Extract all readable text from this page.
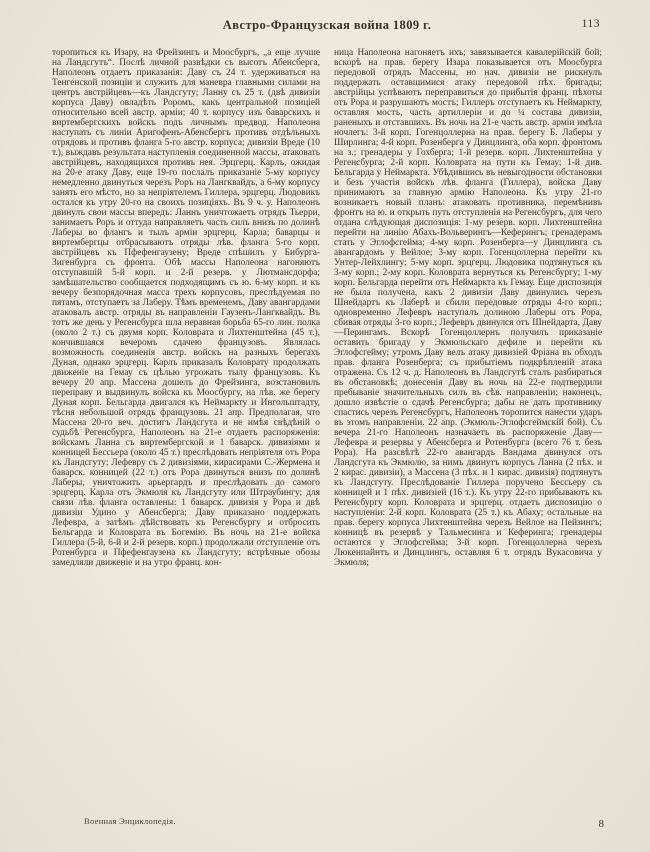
Австро-Французская война 1809 г.	113
торопиться къ Изару, на Фрейзингъ и Моосбургъ, „а еще лучше на Ландсгутъ“. Послѣ личной развѣдки съ высотъ Абенсберга, Наполеонъ отдаетъ приказанія: Даву съ 24 т. удерживаться на Тенгенской позиціи и служить для маневра главными силами на центръ австрійцевъ—къ Ландсгуту; Ланну съ 25 т. (двѣ дивизіи корпуса Даву) овладѣть Роромъ, какъ центральной позиціей относительно всей австр. арміи; 40 т. корпусу изъ баварскихъ и виртембергскихъ войскъ подъ личнымъ предвод. Наполеона наступать съ линіи Аригофенъ-Абенсбергъ противъ отдѣльныхъ отрядовъ и противъ фланга 5-го австр. корпуса; дивизіи Вреде (10 т.), выждавъ результата наступленія соединенной массы, атаковать австрійцевъ, находящихся противъ нея. Эрцгерц. Карлъ, ожидая на 20-е атаку Даву, еще 19-го послалъ приказаніе 5-му корпусу немедленно двинуться черезъ Роръ на Лангквайдъ, а 6-му корпусу занять его мѣсто, но за непріятелемъ Гиллера, эрцгерц. Людовикъ остался къ утру 20-го на своихъ позиціяхъ. Въ 9 ч. у. Наполеонъ двинулъ свои массы впередъ: Ланнъ уничтожаетъ отрядъ Тьерри, занимаетъ Роръ и оттуда направляетъ часть силъ внизъ по долинѣ Лаберы во флангъ и тылъ арміи эрцгерц. Карла; баварцы и виртембергцы отбрасываютъ отряды лѣв. фланга 5-го корп. австрійцевъ къ Пфефенгаузену; Вреде спѣшилъ у Бибурга-Зигенбурга съ фронта. Обѣ массы Наполеона нагоняютъ отступавшій 5-й корп. и 2-й резерв. у Лютмансдорфа; замѣшательство сообщается подходящимъ съ ю. 6-му корп. и къ вечеру безпорядочная масса трехъ корпусовъ, преслѣдуемая по пятамъ, отступаетъ за Лаберу. Тѣмъ временемъ, Даву авангардами атаковалъ австр. отряды въ направленіи Гаузенъ-Лангквайдъ. Въ тотъ же день у Регенсбурга шла неравная борьба 65-го лин. полка (около 2 т.) съ двумя корп. Коловрата и Лихтенштейна (45 т.), кончившаяся вечеромъ сдачею французовъ. Являлась возможность соединенія австр. войскъ на разныхъ берегахъ Дуная, однако эрцгерц. Карлъ приказалъ Коловрату продолжать движеніе на Гемау съ цѣлью угрожать тылу французовъ. Къ вечеру 20 апр. Массена дошелъ до Фрейзинга, возстановилъ переправу и выдвинулъ войска къ Моосбургу, на лѣв. же берегу Дуная корп. Бельгарда двигался къ Неймаркту и Ингольштадту, тѣсня небольшой отрядъ французовъ. 21 апр. Предполагая, что Массена 20-го веч. достигъ Ландсгута и не имѣя свѣдѣній о судьбѣ Регенсбурга, Наполеонъ на 21-е отдаетъ распоряженія: войскамъ Ланна съ виртембергской и 1 баварск. дивизіями и конницей Бессьера (около 45 т.) преслѣдовать непріятеля отъ Рора къ Ландсгуту; Лефевру съ 2 дивизіями, кирасирами С.-Жермена и баварск. конницей (22 т.) отъ Рора двинуться внизъ по долинѣ Лаберы, уничтожить арьергардъ и преслѣдовать до самого эрцгерц. Карла отъ Экмюля къ Ландсгуту или Штраубингу; для связи лѣв. фланга оставлены: 1 баварск. дивизія у Рора и двѣ дивизіи Удино у Абенсберга; Даву приказано поддержать Лефевра, а затѣмъ дѣйствовать къ Регенсбургу и отбросить Бельгарда и Коловрата въ Богемію. Въ ночь на 21-е войска Гиллера (5-й, 6-й и 2-й резерв. корп.) продолжали отступленіе отъ Ротенбурга и Пфефенгаузена къ Ландсгуту; встрѣчные обозы замедляли движеніе и на утро франц. кон-
ница Наполеона нагоняетъ ихъ; завязывается кавалерійскій бой; вскорѣ на прав. берегу Изара показывается отъ Моосбурга передовой отрядъ Массены, но нач. дивизіи не рискнулъ поддержать оставшимися атаку передовой пѣх. бригады; австрійцы успѣваютъ переправиться до прибытія франц. пѣхоты отъ Рора и разрушаютъ мостъ; Гиллеръ отступаетъ къ Неймаркту, оставляя мостъ, часть артиллеріи и до ¼ состава дивизіи, раненыхъ и отставшихъ. Въ ночь на 21-е часть австр. арміи имѣла ночлегъ: 3-й корп. Гогенцоллерна на прав. берегу Б. Лаберы у Ширлинга; 4-й корп. Розенберга у Динцлинга, оба корп. фронтомъ на з.; гренадеры у Гохберга; 1-й резерв. корп. Лихтенштейна у Регенсбурга; 2-й корп. Коловрата на пути къ Гемау; 1-й див. Бельгарда у Неймаркта. Убѣдившись въ невыгодности обстановки и безъ участія войскъ лѣв. фланга (Гиллера), войска Даву принимаютъ за главную армію Наполеона. Къ утру 21-го возникаетъ новый планъ: атаковать противника, перемѣнивъ фронтъ на ю. и открыть путь отступленія на Регенсбургъ, для чего отдана слѣдующая диспозиція: 1-му резерв. корп. Лихтенштейна перейти на линію Абахъ-Вольверингъ—Кеферингъ; гренадерамъ стать у Эглофсгейма; 4-му корп. Розенберга—у Динцлинга съ авангардомъ у Вейлое; 3-му корп. Гогенцоллерна перейти къ Унтер-Лейхлингу; 5-му корп. эрцгерц. Людовика подтянуться къ 3-му корп.; 2-му корп. Коловрата вернуться къ Регенсбургу; 1-му корп. Бельгарда перейти отъ Неймаркта къ Гемау. Еще диспозиція не была получена, какъ 2 дивизіи Даву двинулись черезъ Шнейдартъ къ Лаберѣ и сбили передовые отряды 4-го корп.; одновременно Лефевръ наступалъ долиною Лаберы отъ Рора, сбивая отряды 3-го корп.; Лефевръ двинулся отъ Шнейдарта, Даву—Перингамъ. Вскорѣ Гогенцоллернъ получилъ приказаніе оставить бригаду у Экмюльскаго дефиле и перейти къ Эглофсгейму; утромъ Даву велъ атаку дивизіей Фріана въ обходъ прав. фланга Розенберга; съ прибытіемъ подкрѣпленій атака отражена. Съ 12 ч. д. Наполеонъ въ Ландсгутѣ сталъ разбираться въ обстановкѣ; донесенія Даву въ ночь на 22-е подтвердили пребываніе значительныхъ силъ въ сѣв. направленіи; наконецъ, дошло извѣстіе о сдачѣ Регенсбурга; дабы не дать противнику спастись черезъ Регенсбургъ, Наполеонъ торопится нанести ударъ въ этомъ направленіи. 22 апр. (Экмюль-Эглофсгеймскій бой). Съ вечера 21-го Наполеонъ назначаетъ въ распоряженіе Даву—Лефевра и резервы у Абенсберга и Ротенбурга (всего 76 т. безъ Рора). На разсвѣтѣ 22-го авангардъ Вандама двинулся отъ Ландсгута къ Экмюлю, за нимъ двинутъ корпусъ Ланна (2 пѣх. и 2 кирас. дивизіи), а Массена (3 пѣх. и 1 кирас. дивизія) подтянутъ къ Ландсгуту. Преслѣдованіе Гиллера поручено Бессьеру съ конницей и 1 пѣх. дивизіей (16 т.). Къ утру 22-го прибываютъ къ Регенсбургу корп. Коловрата и эрцгерц. отдаетъ диспозицію о наступленіи: 2-й корп. Коловрата (25 т.) къ Абаху; остальные на прав. берегу корпуса Лихтенштейна черезъ Вейлое на Пейзингъ; конницѣ въ резервѣ у Тальмесинга и Кеферинга; гренадеры остаются у Эглофсгейма; 3-й корп. Гогенцоллерна черезъ Люкенпайнтъ и Динцлингъ, оставляя 6 т. отрядъ Вукасовича у Экмюля;
Военная Энциклопедія.	8
